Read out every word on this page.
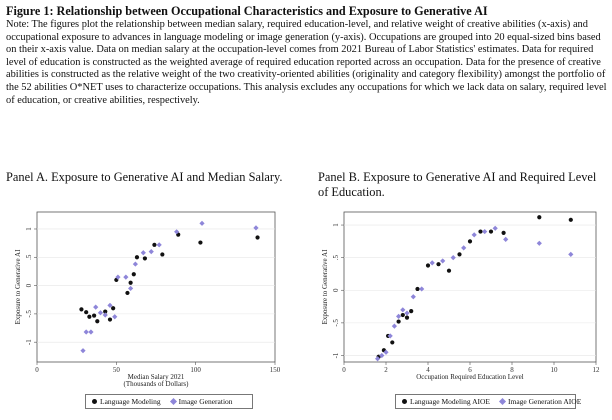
Figure 1: Relationship between Occupational Characteristics and Exposure to Generative AI
Note: The figures plot the relationship between median salary, required education-level, and relative weight of creative abilities (x-axis) and occupational exposure to advances in language modeling or image generation (y-axis). Occupations are grouped into 20 equal-sized bins based on their x-axis value. Data on median salary at the occupation-level comes from 2021 Bureau of Labor Statistics' estimates. Data for required level of education is constructed as the weighted average of required education reported across an occupation. Data for the presence of creative abilities is constructed as the relative weight of the two creativity-oriented abilities (originality and category flexibility) amongst the portfolio of the 52 abilities O*NET uses to characterize occupations. This analysis excludes any occupations for which we lack data on salary, required level of education, or creative abilities, respectively.
Panel A. Exposure to Generative AI and Median Salary.	Panel B. Exposure to Generative AI and Required Level of Education.
-1
-.5
0
.5
1
0	50	100	150
Median Salary 2021
(Thousands of Dollars)
Exposure to Generative AI
-1
-.5
0
.5
1
0	2	4	6	8	10	12
Occupation Required Education Level
Exposure to Generative AI
Language Modeling Image Generation	Language Modeling AIOE Image Generation AIOE
